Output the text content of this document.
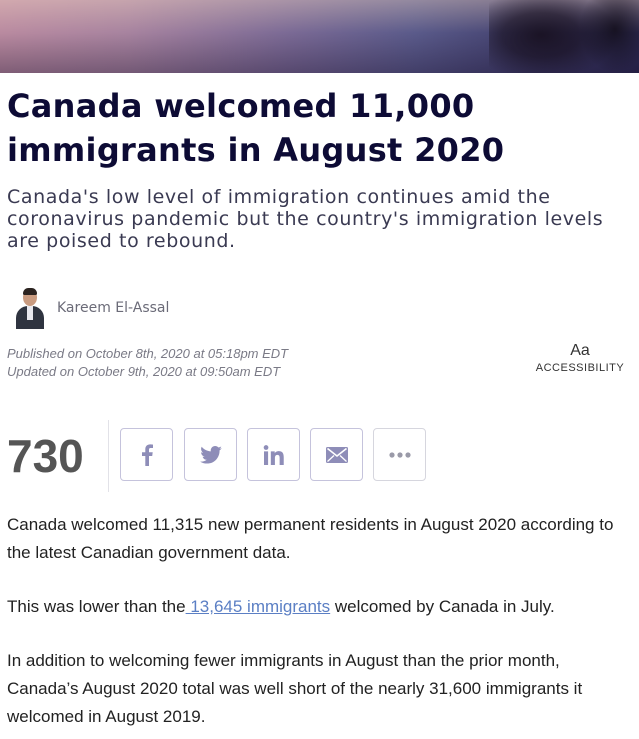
Canada welcomed 11,000 immigrants in August 2020

Canada's low level of immigration continues amid the coronavirus pandemic but the country's immigration levels are poised to rebound.

Kareem El-Assal
Published on October 8th, 2020 at 05:18pm EDT
Updated on October 9th, 2020 at 09:50am EDT
Aa
ACCESSIBILITY
730

Canada welcomed 11,315 new permanent residents in August 2020 according to the latest Canadian government data.

This was lower than the 13,645 immigrants welcomed by Canada in July.

In addition to welcoming fewer immigrants in August than the prior month, Canada’s August 2020 total was well short of the nearly 31,600 immigrants it welcomed in August 2019.
